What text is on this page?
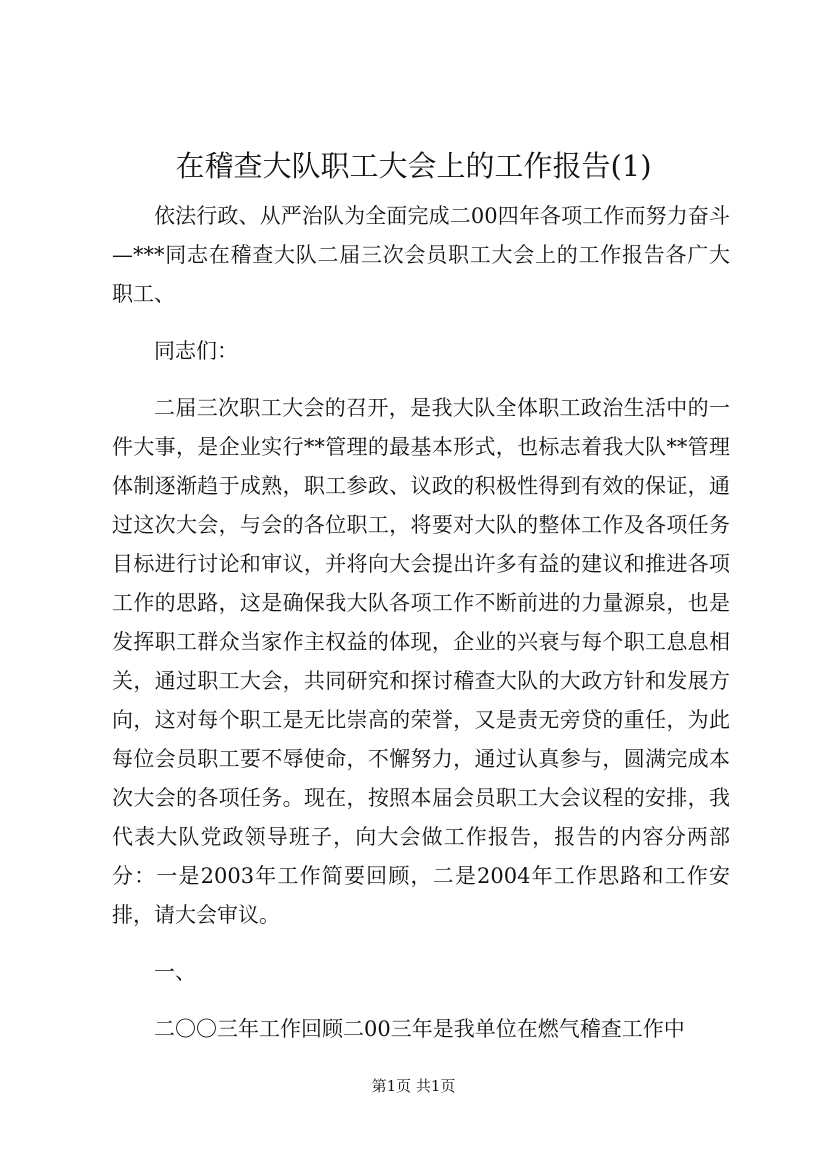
在稽查大队职工大会上的工作报告(1)

依法行政、从严治队为全面完成二00四年各项工作而努力奋斗—***同志在稽查大队二届三次会员职工大会上的工作报告各广大职工、

同志们：

二届三次职工大会的召开，是我大队全体职工政治生活中的一件大事，是企业实行**管理的最基本形式，也标志着我大队**管理体制逐渐趋于成熟，职工参政、议政的积极性得到有效的保证，通过这次大会，与会的各位职工，将要对大队的整体工作及各项任务目标进行讨论和审议，并将向大会提出许多有益的建议和推进各项工作的思路，这是确保我大队各项工作不断前进的力量源泉，也是发挥职工群众当家作主权益的体现，企业的兴衰与每个职工息息相关，通过职工大会，共同研究和探讨稽查大队的大政方针和发展方向，这对每个职工是无比崇高的荣誉，又是责无旁贷的重任，为此每位会员职工要不辱使命，不懈努力，通过认真参与，圆满完成本次大会的各项任务。现在，按照本届会员职工大会议程的安排，我代表大队党政领导班子，向大会做工作报告，报告的内容分两部分：一是2003年工作简要回顾，二是2004年工作思路和工作安排，请大会审议。

一、

二〇〇三年工作回顾二00三年是我单位在燃气稽查工作中

第1页 共1页
